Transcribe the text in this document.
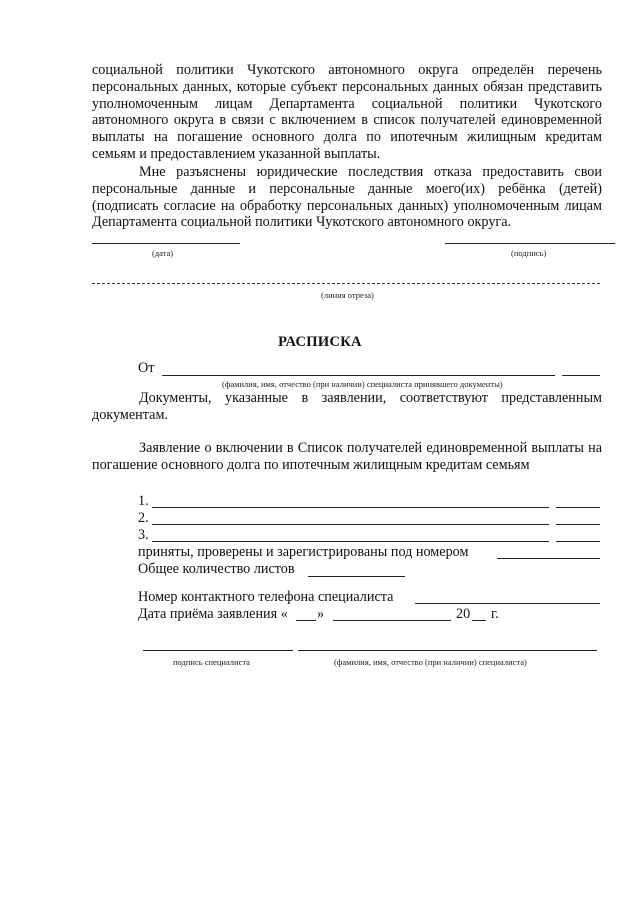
социальной политики Чукотского автономного округа определён перечень персональных данных, которые субъект персональных данных обязан представить уполномоченным лицам Департамента социальной политики Чукотского автономного округа в связи с включением в список получателей единовременной выплаты на погашение основного долга по ипотечным жилищным кредитам семьям и предоставлением указанной выплаты.
Мне разъяснены юридические последствия отказа предоставить свои персональные данные и персональные данные моего(их) ребёнка (детей) (подписать согласие на обработку персональных данных) уполномоченным лицам Департамента социальной политики Чукотского автономного округа.
(дата)	(подпись)
(линия отреза)
РАСПИСКА
От
(фамилия, имя, отчество (при наличии) специалиста принявшего документы)
Документы, указанные в заявлении, соответствуют представленным документам.
Заявление о включении в Список получателей единовременной выплаты на погашение основного долга по ипотечным жилищным кредитам семьям
1.
2.
3.
приняты, проверены и зарегистрированы под номером
Общее количество листов
Номер контактного телефона специалиста
Дата приёма заявления « »	20 г.
подпись специалиста	(фамилия, имя, отчество (при наличии) специалиста)
